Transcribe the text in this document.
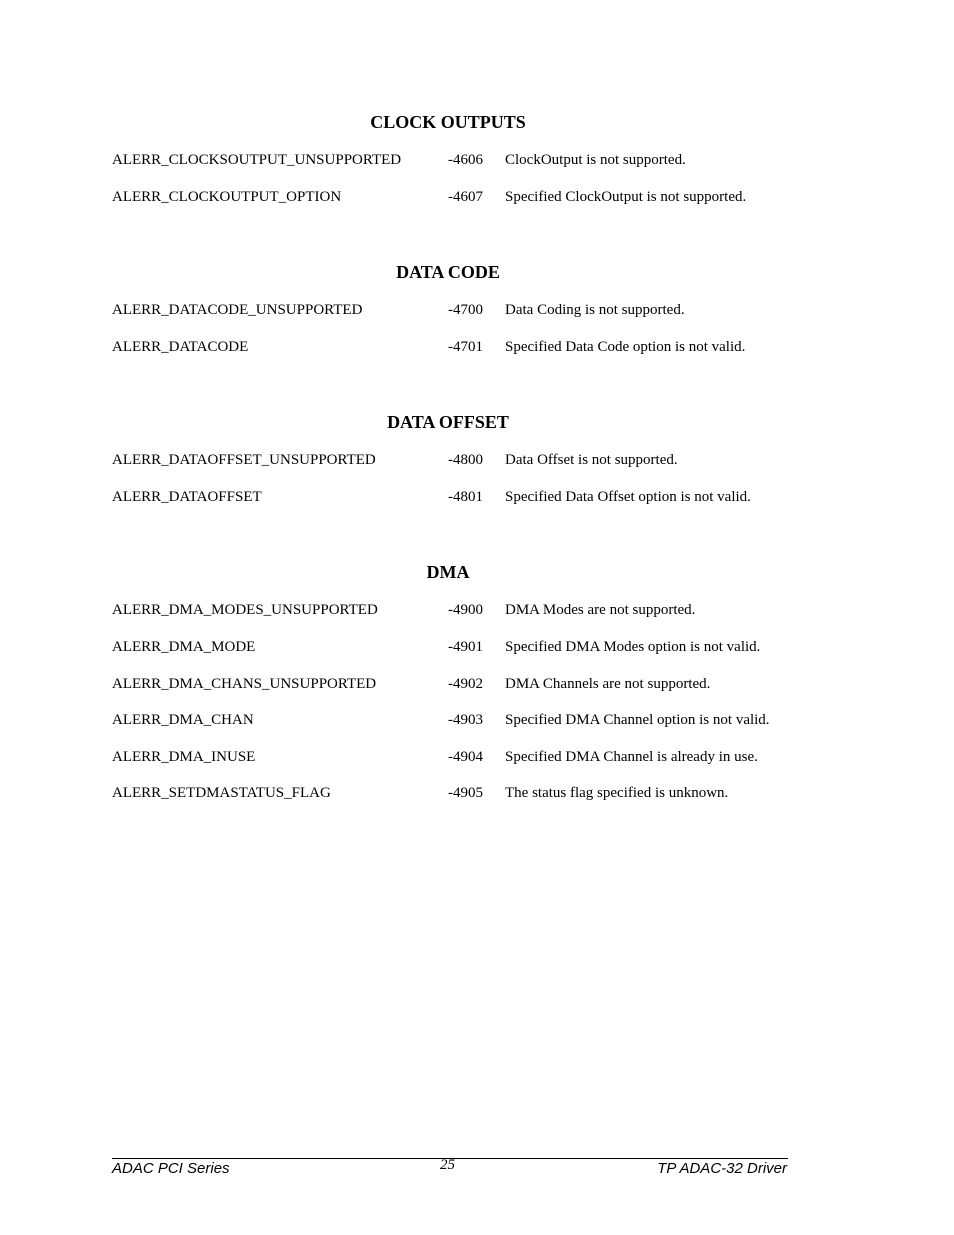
CLOCK OUTPUTS
ALERR_CLOCKSOUTPUT_UNSUPPORTED	-4606 ClockOutput is not supported.
ALERR_CLOCKOUTPUT_OPTION	-4607 Specified ClockOutput is not supported.
DATA CODE
ALERR_DATACODE_UNSUPPORTED	-4700 Data Coding is not supported.
ALERR_DATACODE	-4701 Specified Data Code option is not valid.
DATA OFFSET
ALERR_DATAOFFSET_UNSUPPORTED	-4800 Data Offset is not supported.
ALERR_DATAOFFSET	-4801 Specified Data Offset option is not valid.
DMA
ALERR_DMA_MODES_UNSUPPORTED	-4900 DMA Modes are not supported.
ALERR_DMA_MODE	-4901 Specified DMA Modes option is not valid.
ALERR_DMA_CHANS_UNSUPPORTED	-4902 DMA Channels are not supported.
ALERR_DMA_CHAN	-4903 Specified DMA Channel option is not valid.
ALERR_DMA_INUSE	-4904 Specified DMA Channel is already in use.
ALERR_SETDMASTATUS_FLAG	-4905 The status flag specified is unknown.
ADAC PCI Series	25	TP ADAC-32 Driver
